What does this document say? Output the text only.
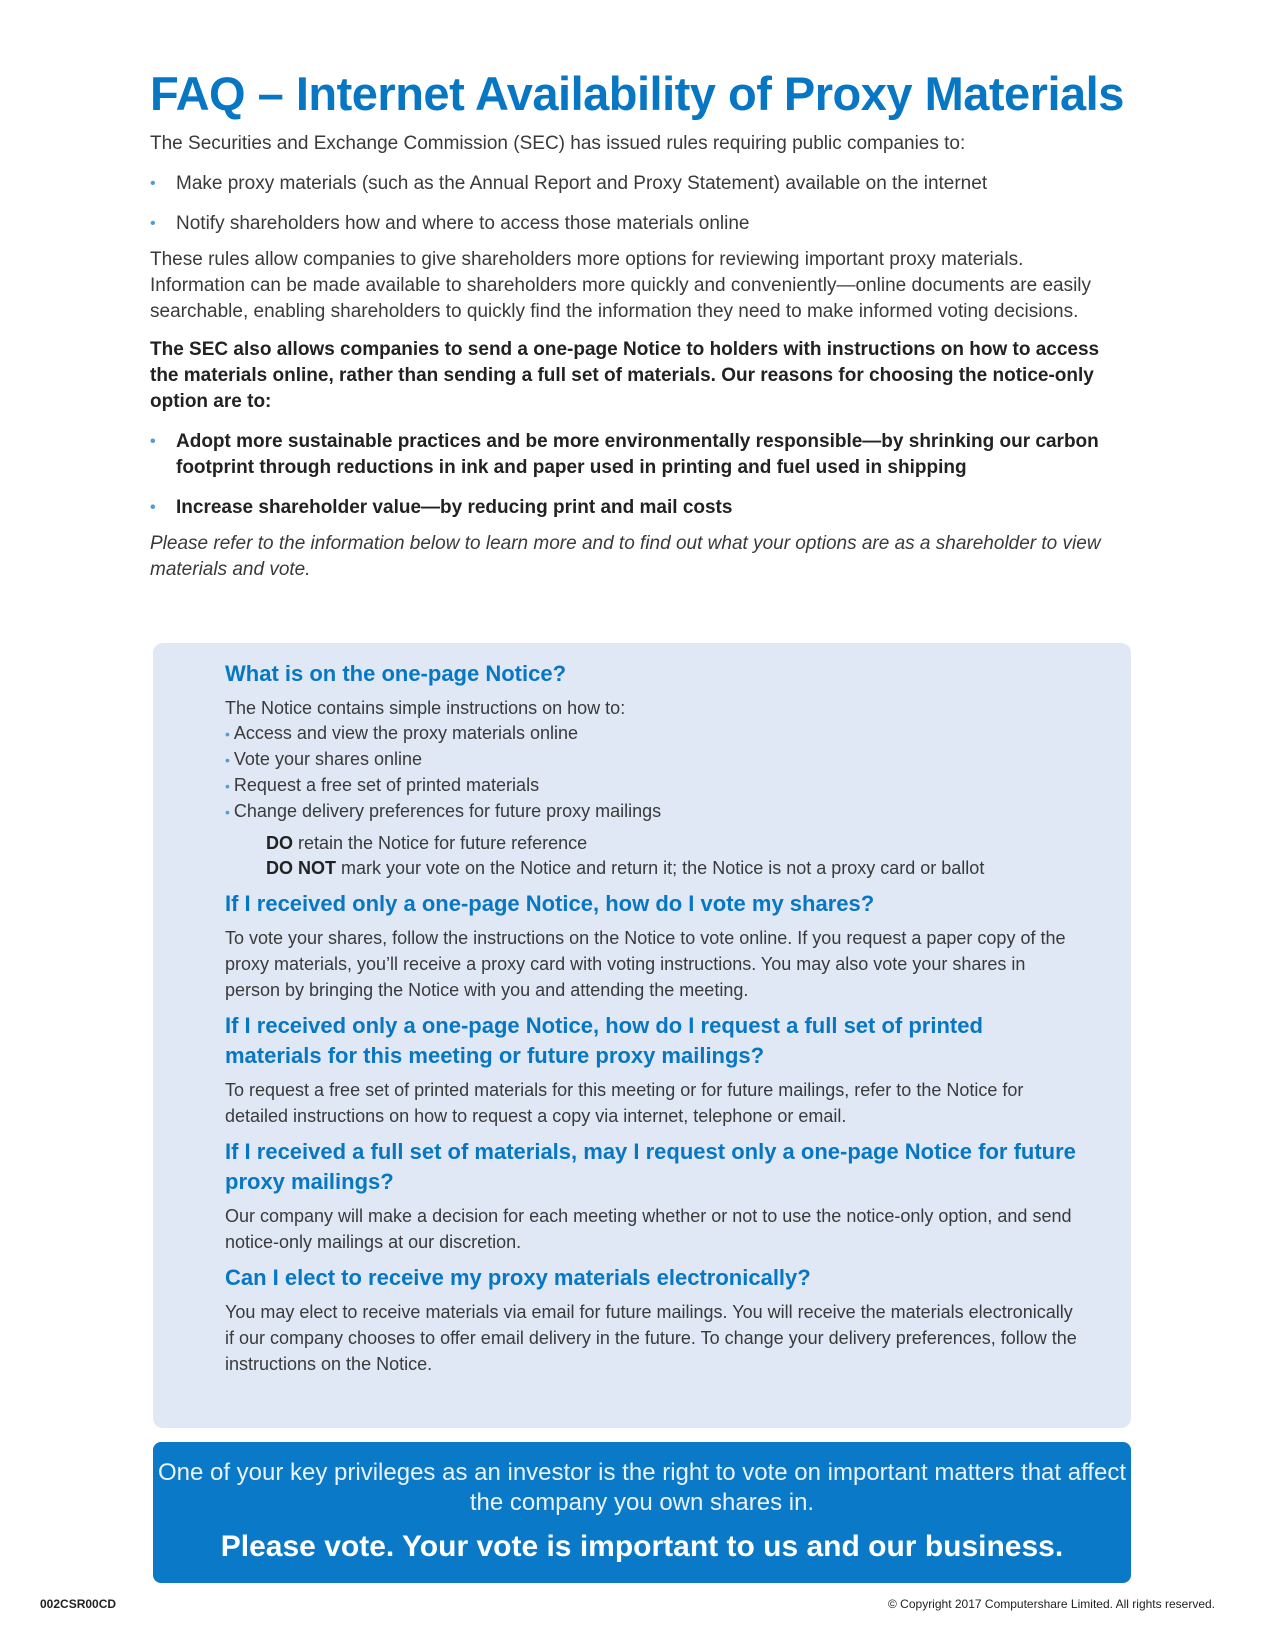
FAQ – Internet Availability of Proxy Materials

The Securities and Exchange Commission (SEC) has issued rules requiring public companies to:

• Make proxy materials (such as the Annual Report and Proxy Statement) available on the internet
• Notify shareholders how and where to access those materials online

These rules allow companies to give shareholders more options for reviewing important proxy materials. Information can be made available to shareholders more quickly and conveniently—online documents are easily searchable, enabling shareholders to quickly find the information they need to make informed voting decisions.

The SEC also allows companies to send a one-page Notice to holders with instructions on how to access the materials online, rather than sending a full set of materials. Our reasons for choosing the notice-only option are to:

• Adopt more sustainable practices and be more environmentally responsible—by shrinking our carbon footprint through reductions in ink and paper used in printing and fuel used in shipping
• Increase shareholder value—by reducing print and mail costs

Please refer to the information below to learn more and to find out what your options are as a shareholder to view materials and vote.

What is on the one-page Notice?

The Notice contains simple instructions on how to:

• Access and view the proxy materials online
• Vote your shares online
• Request a free set of printed materials
• Change delivery preferences for future proxy mailings
DO retain the Notice for future reference
DO NOT mark your vote on the Notice and return it; the Notice is not a proxy card or ballot
If I received only a one-page Notice, how do I vote my shares?

To vote your shares, follow the instructions on the Notice to vote online. If you request a paper copy of the proxy materials, you’ll receive a proxy card with voting instructions. You may also vote your shares in person by bringing the Notice with you and attending the meeting.

If I received only a one-page Notice, how do I request a full set of printed materials for this meeting or future proxy mailings?

To request a free set of printed materials for this meeting or for future mailings, refer to the Notice for detailed instructions on how to request a copy via internet, telephone or email.

If I received a full set of materials, may I request only a one-page Notice for future proxy mailings?

Our company will make a decision for each meeting whether or not to use the notice-only option, and send notice-only mailings at our discretion.

Can I elect to receive my proxy materials electronically?

You may elect to receive materials via email for future mailings. You will receive the materials electronically if our company chooses to offer email delivery in the future. To change your delivery preferences, follow the instructions on the Notice.

One of your key privileges as an investor is the right to vote on important matters that affect the company you own shares in.

Please vote. Your vote is important to us and our business.

002CSR00CD	© Copyright 2017 Computershare Limited. All rights reserved.
